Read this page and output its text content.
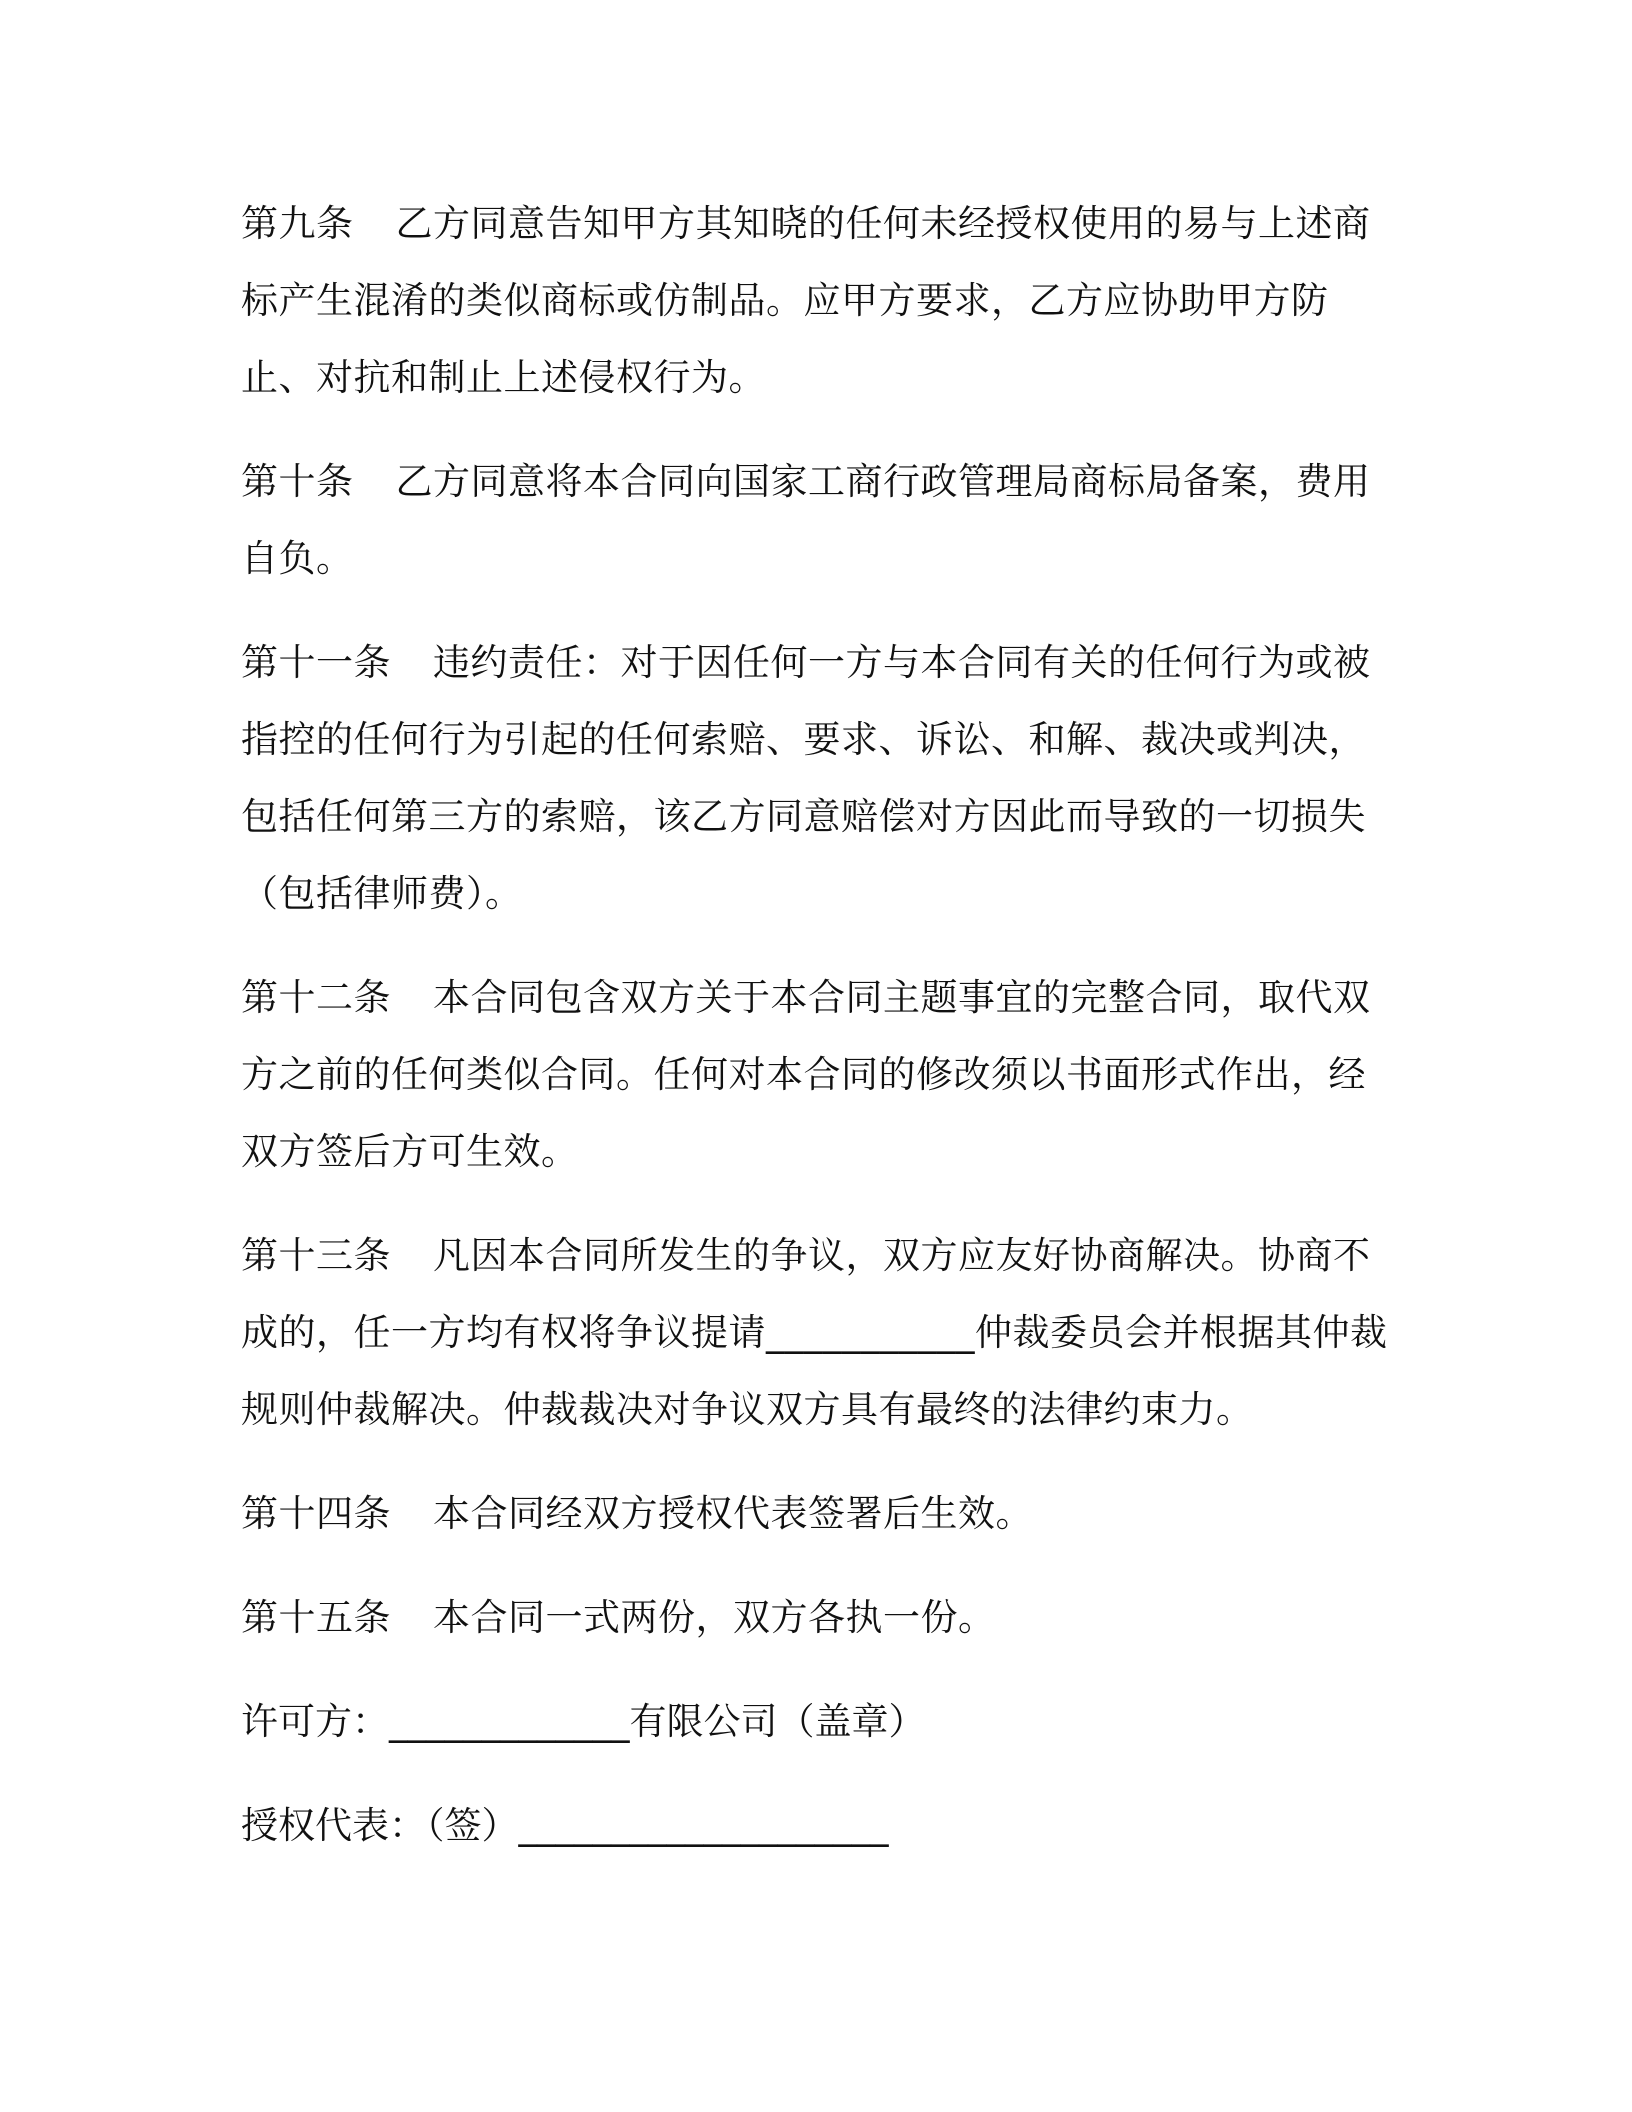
第九条 乙方同意告知甲方其知晓的任何未经授权使用的易与上述商标产生混淆的类似商标或仿制品。应甲方要求，乙方应协助甲方防止、对抗和制止上述侵权行为。

第十条 乙方同意将本合同向国家工商行政管理局商标局备案，费用自负。

第十一条 违约责任：对于因任何一方与本合同有关的任何行为或被指控的任何行为引起的任何索赔、要求、诉讼、和解、裁决或判决，包括任何第三方的索赔，该乙方同意赔偿对方因此而导致的一切损失（包括律师费）。

第十二条 本合同包含双方关于本合同主题事宜的完整合同，取代双方之前的任何类似合同。任何对本合同的修改须以书面形式作出，经双方签后方可生效。

第十三条 凡因本合同所发生的争议，双方应友好协商解决。协商不成的，任一方均有权将争议提请___________仲裁委员会并根据其仲裁规则仲裁解决。仲裁裁决对争议双方具有最终的法律约束力。

第十四条 本合同经双方授权代表签署后生效。

第十五条 本合同一式两份，双方各执一份。

许可方：_____________有限公司（盖章）

授权代表：（签）____________________
